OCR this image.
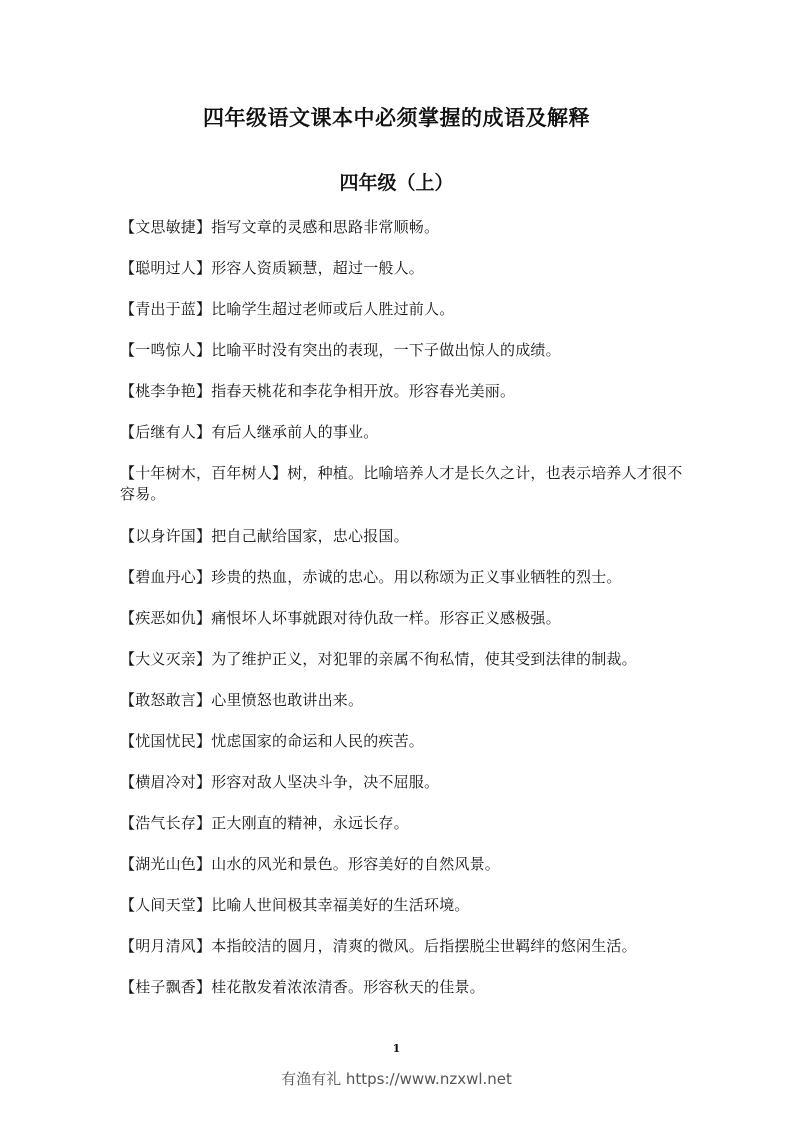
四年级语文课本中必须掌握的成语及解释
四年级（上）
【文思敏捷】指写文章的灵感和思路非常顺畅。
【聪明过人】形容人资质颖慧，超过一般人。
【青出于蓝】比喻学生超过老师或后人胜过前人。
【一鸣惊人】比喻平时没有突出的表现，一下子做出惊人的成绩。
【桃李争艳】指春天桃花和李花争相开放。形容春光美丽。
【后继有人】有后人继承前人的事业。
【十年树木，百年树人】树，种植。比喻培养人才是长久之计，也表示培养人才很不容易。
【以身许国】把自己献给国家，忠心报国。
【碧血丹心】珍贵的热血，赤诚的忠心。用以称颂为正义事业牺牲的烈士。
【疾恶如仇】痛恨坏人坏事就跟对待仇敌一样。形容正义感极强。
【大义灭亲】为了维护正义，对犯罪的亲属不徇私情，使其受到法律的制裁。
【敢怒敢言】心里愤怒也敢讲出来。
【忧国忧民】忧虑国家的命运和人民的疾苦。
【横眉冷对】形容对敌人坚决斗争，决不屈服。
【浩气长存】正大刚直的精神，永远长存。
【湖光山色】山水的风光和景色。形容美好的自然风景。
【人间天堂】比喻人世间极其幸福美好的生活环境。
【明月清风】本指皎洁的圆月，清爽的微风。后指摆脱尘世羁绊的悠闲生活。
【桂子飘香】桂花散发着浓浓清香。形容秋天的佳景。
1
有渔有礼 https://www.nzxwl.net
